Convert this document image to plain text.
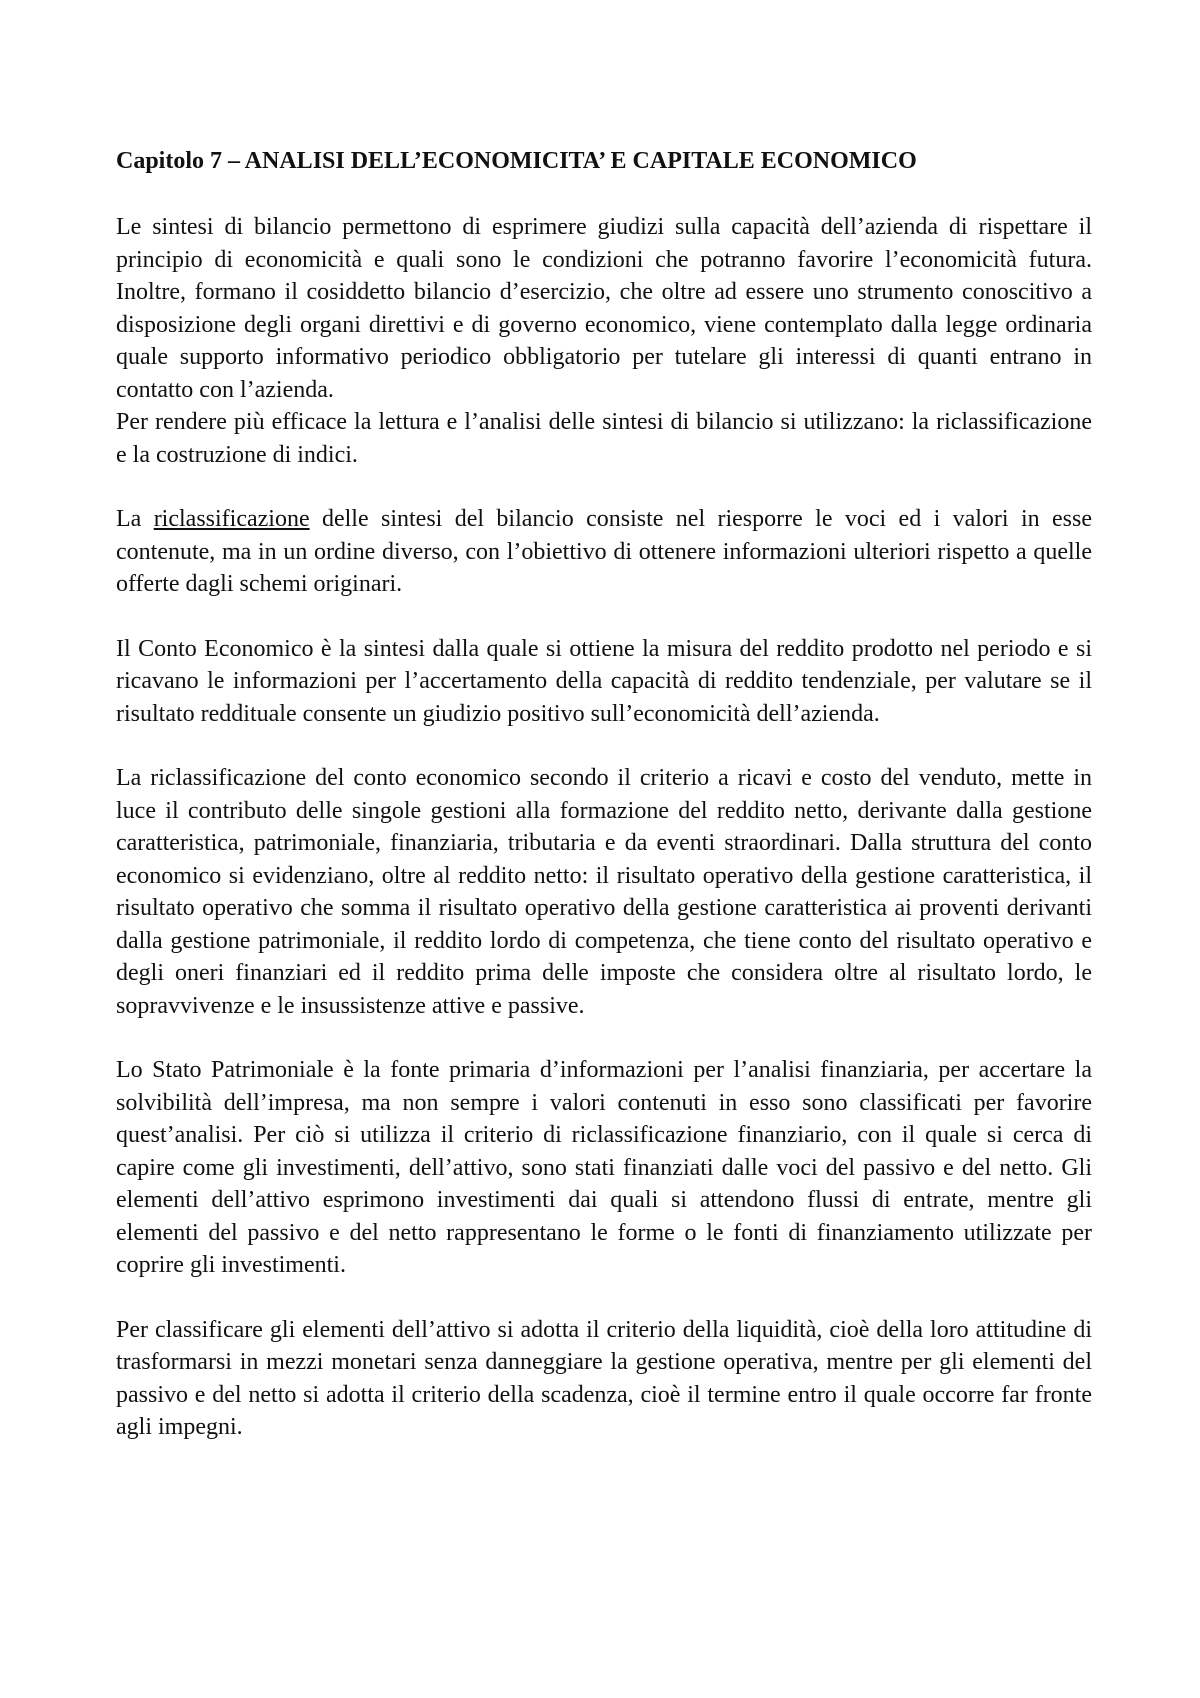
Capitolo 7 – ANALISI DELL’ECONOMICITA’ E CAPITALE ECONOMICO

Le sintesi di bilancio permettono di esprimere giudizi sulla capacità dell’azienda di rispettare il principio di economicità e quali sono le condizioni che potranno favorire l’economicità futura. Inoltre, formano il cosiddetto bilancio d’esercizio, che oltre ad essere uno strumento conoscitivo a disposizione degli organi direttivi e di governo economico, viene contemplato dalla legge ordinaria quale supporto informativo periodico obbligatorio per tutelare gli interessi di quanti entrano in contatto con l’azienda.

Per rendere più efficace la lettura e l’analisi delle sintesi di bilancio si utilizzano: la riclassificazione e la costruzione di indici.

La riclassificazione delle sintesi del bilancio consiste nel riesporre le voci ed i valori in esse contenute, ma in un ordine diverso, con l’obiettivo di ottenere informazioni ulteriori rispetto a quelle offerte dagli schemi originari.

Il Conto Economico è la sintesi dalla quale si ottiene la misura del reddito prodotto nel periodo e si ricavano le informazioni per l’accertamento della capacità di reddito tendenziale, per valutare se il risultato reddituale consente un giudizio positivo sull’economicità dell’azienda.

La riclassificazione del conto economico secondo il criterio a ricavi e costo del venduto, mette in luce il contributo delle singole gestioni alla formazione del reddito netto, derivante dalla gestione caratteristica, patrimoniale, finanziaria, tributaria e da eventi straordinari. Dalla struttura del conto economico si evidenziano, oltre al reddito netto: il risultato operativo della gestione caratteristica, il risultato operativo che somma il risultato operativo della gestione caratteristica ai proventi derivanti dalla gestione patrimoniale, il reddito lordo di competenza, che tiene conto del risultato operativo e degli oneri finanziari ed il reddito prima delle imposte che considera oltre al risultato lordo, le sopravvivenze e le insussistenze attive e passive.

Lo Stato Patrimoniale è la fonte primaria d’informazioni per l’analisi finanziaria, per accertare la solvibilità dell’impresa, ma non sempre i valori contenuti in esso sono classificati per favorire quest’analisi. Per ciò si utilizza il criterio di riclassificazione finanziario, con il quale si cerca di capire come gli investimenti, dell’attivo, sono stati finanziati dalle voci del passivo e del netto. Gli elementi dell’attivo esprimono investimenti dai quali si attendono flussi di entrate, mentre gli elementi del passivo e del netto rappresentano le forme o le fonti di finanziamento utilizzate per coprire gli investimenti.

Per classificare gli elementi dell’attivo si adotta il criterio della liquidità, cioè della loro attitudine di trasformarsi in mezzi monetari senza danneggiare la gestione operativa, mentre per gli elementi del passivo e del netto si adotta il criterio della scadenza, cioè il termine entro il quale occorre far fronte agli impegni.
